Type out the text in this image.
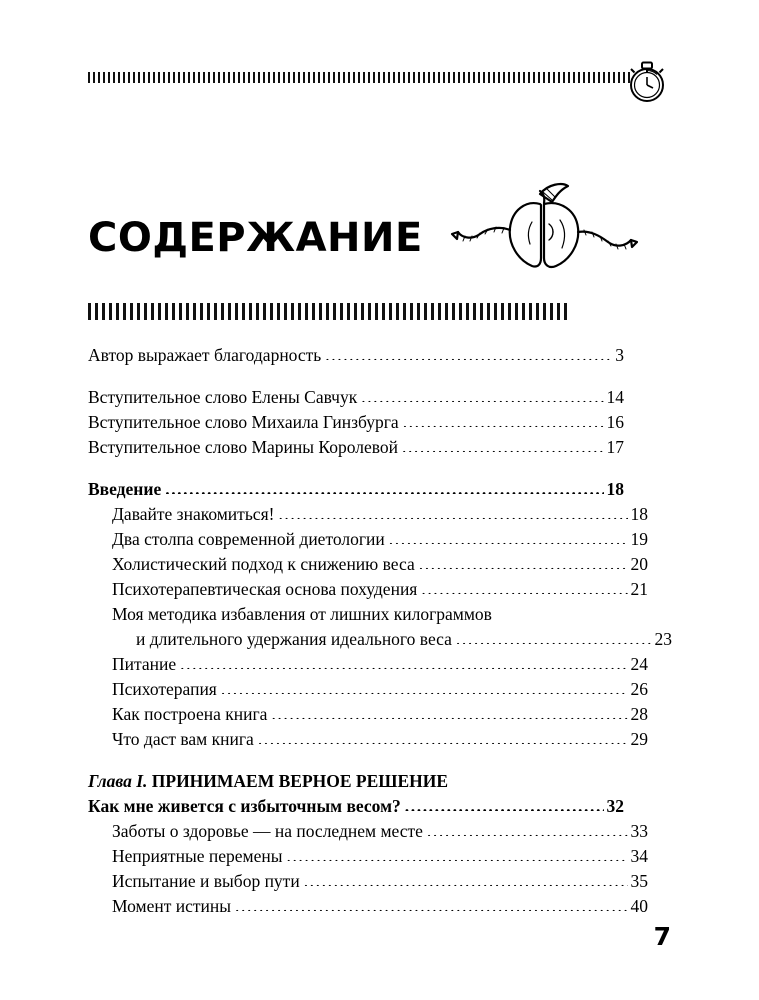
СОДЕРЖАНИЕ
Автор выражает благодарность .....	3
Вступительное слово Елены Савчук .....	14
Вступительное слово Михаила Гинзбурга .....	16
Вступительное слово Марины Королевой .....	17
Введение .....	18
Давайте знакомиться! .....	18
Два столпа современной диетологии .....	19
Холистический подход к снижению веса .....	20
Психотерапевтическая основа похудения .....	21
Моя методика избавления от лишних килограммов
и длительного удержания идеального веса .....	23
Питание .....	24
Психотерапия .....	26
Как построена книга .....	28
Что даст вам книга .....	29
Глава I. ПРИНИМАЕМ ВЕРНОЕ РЕШЕНИЕ
Как мне живется с избыточным весом? .....	32
Заботы о здоровье — на последнем месте .....	33
Неприятные перемены .....	34
Испытание и выбор пути .....	35
Момент истины .....	40
7
